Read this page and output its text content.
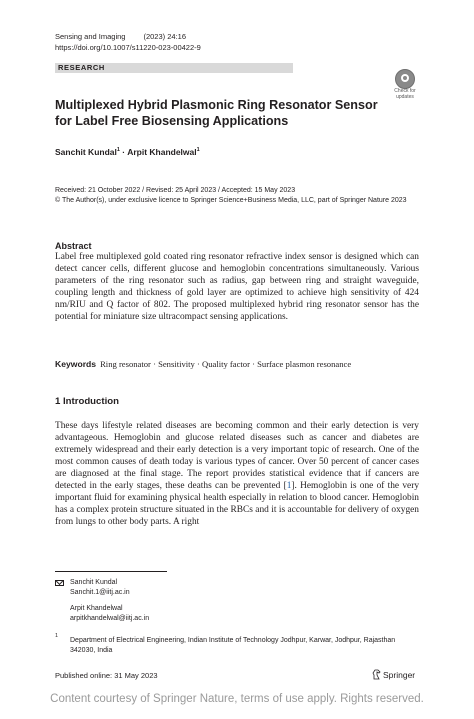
Sensing and Imaging (2023) 24:16
https://doi.org/10.1007/s11220-023-00422-9
RESEARCH
Check for
updates
Multiplexed Hybrid Plasmonic Ring Resonator Sensor for Label Free Biosensing Applications
Sanchit Kundal$^1$ · Arpit Khandelwal$^1$
Received: 21 October 2022 / Revised: 25 April 2023 / Accepted: 15 May 2023
© The Author(s), under exclusive licence to Springer Science+Business Media, LLC, part of Springer Nature 2023
Abstract
Label free multiplexed gold coated ring resonator refractive index sensor is designed which can detect cancer cells, different glucose and hemoglobin concentrations simultaneously. Various parameters of the ring resonator such as radius, gap between ring and straight waveguide, coupling length and thickness of gold layer are optimized to achieve high sensitivity of 424 nm/RIU and Q factor of 802. The proposed multiplexed hybrid ring resonator sensor has the potential for miniature size ultracompact sensing applications.
Keywords Ring resonator · Sensitivity · Quality factor · Surface plasmon resonance
1 Introduction
These days lifestyle related diseases are becoming common and their early detection is very advantageous. Hemoglobin and glucose related diseases such as cancer and diabetes are extremely widespread and their early detection is a very important topic of research. One of the most common causes of death today is various types of cancer. Over 50 percent of cancer cases are diagnosed at the final stage. The report provides statistical evidence that if cancers are detected in the early stages, these deaths can be prevented [1]. Hemoglobin is one of the very important fluid for examining physical health especially in relation to blood cancer. Hemoglobin has a complex protein structure situated in the RBCs and it is accountable for delivery of oxygen from lungs to other body parts. A right
Sanchit Kundal
Sanchit.1@iitj.ac.in
Arpit Khandelwal
arpitkhandelwal@iitj.ac.in
1
Department of Electrical Engineering, Indian Institute of Technology Jodhpur, Karwar, Jodhpur, Rajasthan 342030, India
Published online: 31 May 2023	Springer
Content courtesy of Springer Nature, terms of use apply. Rights reserved.
